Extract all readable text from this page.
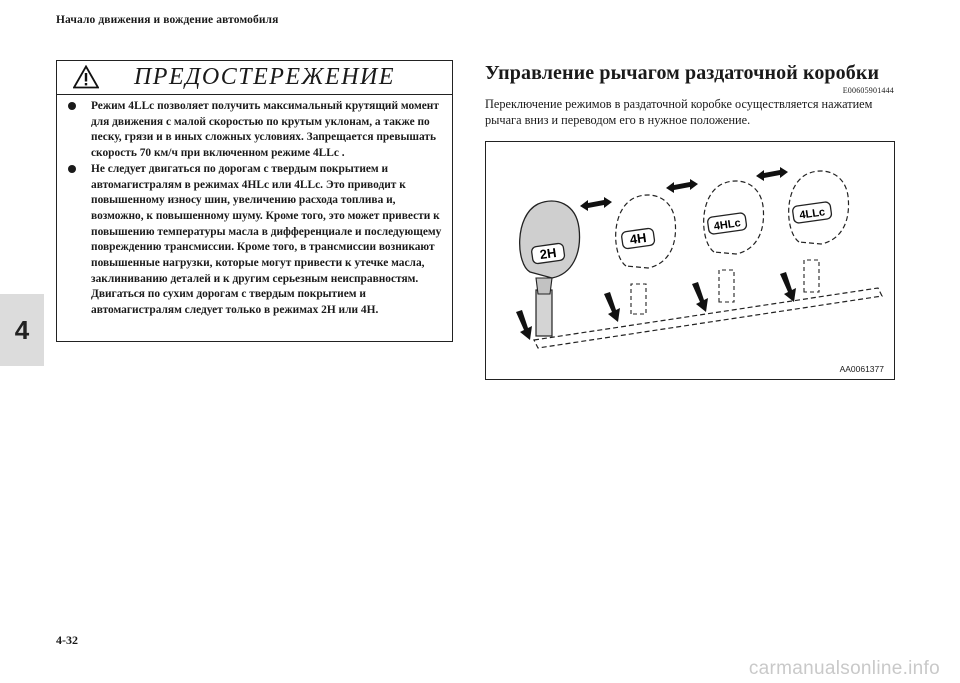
Начало движения и вождение автомобиля
4
ПРЕДОСТЕРЕЖЕНИЕ
Режим 4LLc позволяет получить максимальный крутящий момент для движения с малой скоростью по крутым уклонам, а также по песку, грязи и в иных сложных условиях. Запрещается превышать скорость 70 км/ч при включенном режиме 4LLc .
Не следует двигаться по дорогам с твердым покрытием и автомагистралям в режимах 4HLc или 4LLc. Это приводит к повышенному износу шин, увеличению расхода топлива и, возможно, к повышенному шуму. Кроме того, это может привести к повышению температуры масла в дифференциале и последующему повреждению трансмиссии. Кроме того, в трансмиссии возникают повышенные нагрузки, которые могут привести к утечке масла, заклиниванию деталей и к другим серьезным неисправностям. Двигаться по сухим дорогам с твердым покрытием и автомагистралям следует только в режимах 2H или 4H.
Управление рычагом раздаточной коробки
E00605901444
Переключение режимов в раздаточной коробке осуществляется нажатием рычага вниз и переводом его в нужное положение.
2H
4H
4HLc
4LLc
AA0061377
4-32
carmanualsonline.info
